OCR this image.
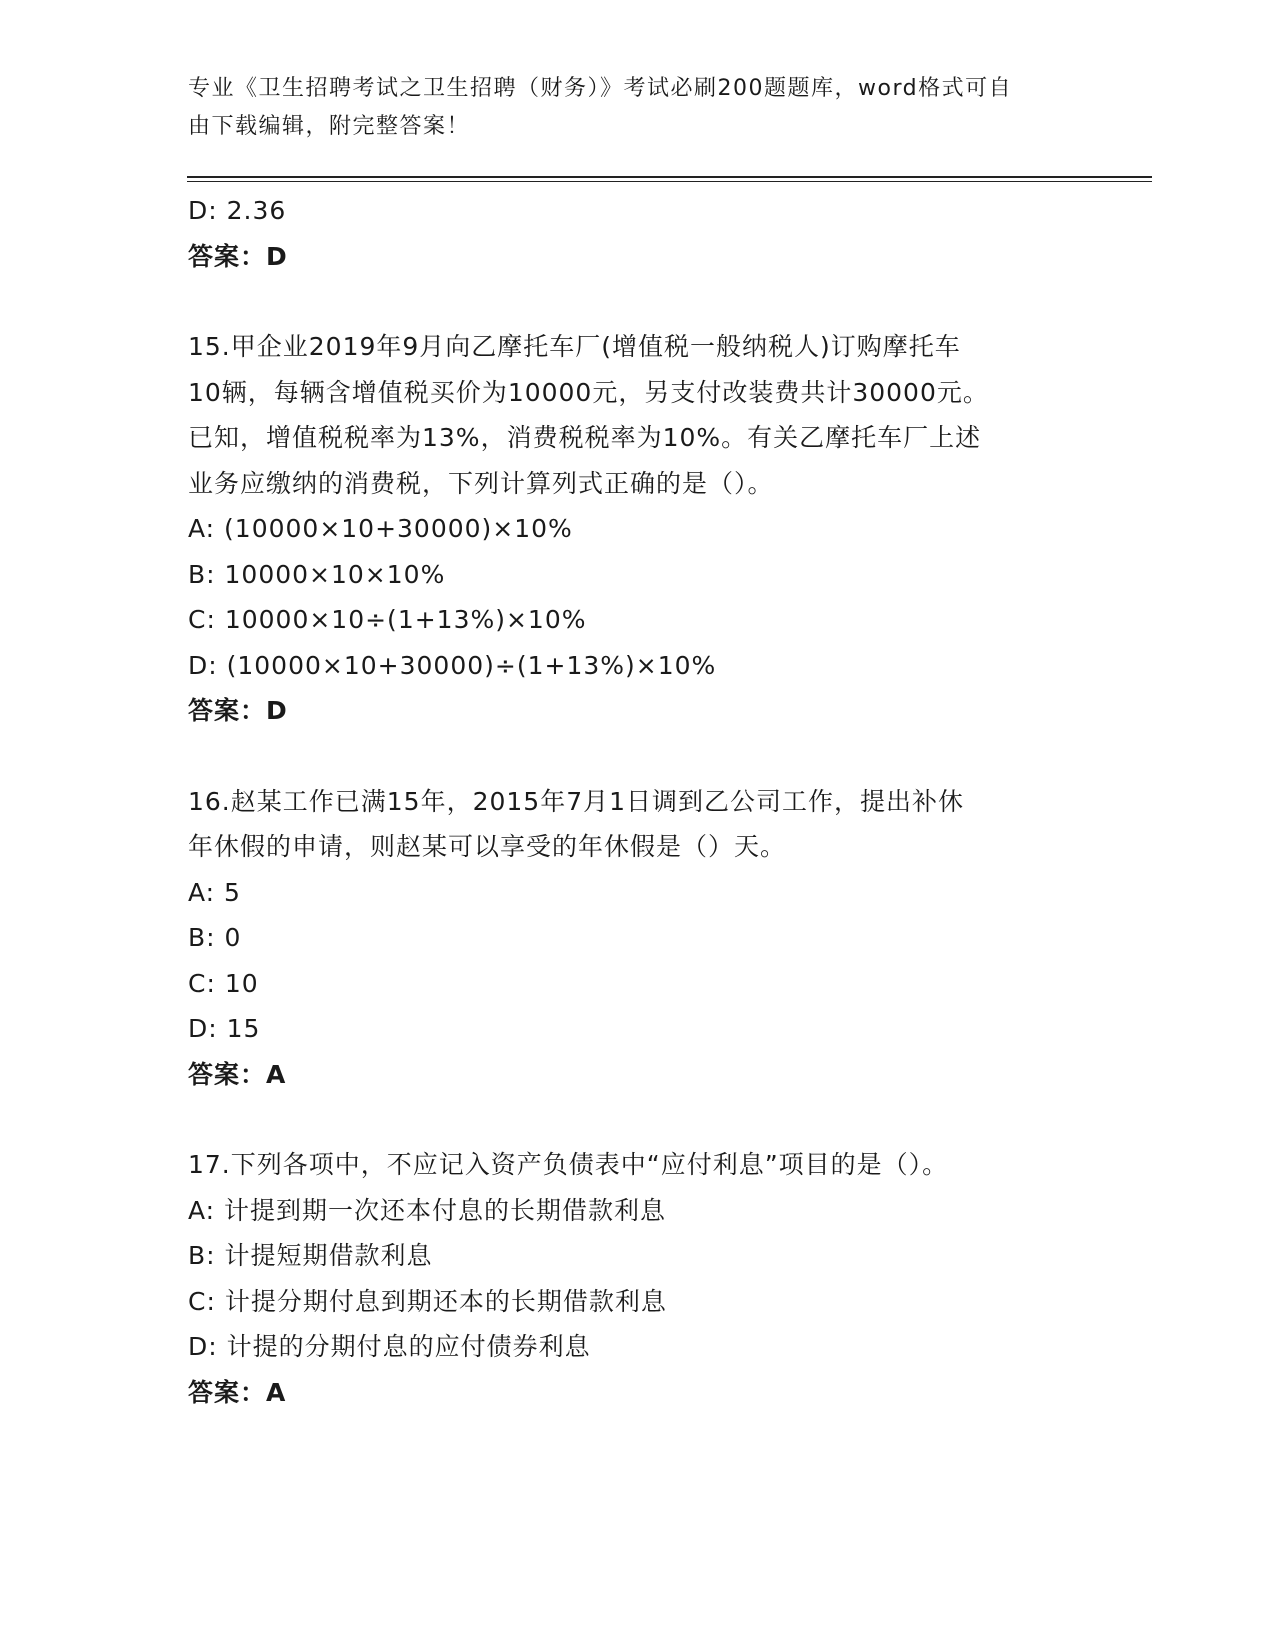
专业《卫生招聘考试之卫生招聘（财务）》考试必刷200题题库，word格式可自
由下载编辑，附完整答案！
D: 2.36
答案：D
15.甲企业2019年9月向乙摩托车厂(增值税一般纳税人)订购摩托车
10辆，每辆含增值税买价为10000元，另支付改装费共计30000元。
已知，增值税税率为13%，消费税税率为10%。有关乙摩托车厂上述
业务应缴纳的消费税，下列计算列式正确的是（）。
A: (10000×10+30000)×10%
B: 10000×10×10%
C: 10000×10÷(1+13%)×10%
D: (10000×10+30000)÷(1+13%)×10%
答案：D
16.赵某工作已满15年，2015年7月1日调到乙公司工作，提出补休
年休假的申请，则赵某可以享受的年休假是（）天。
A: 5
B: 0
C: 10
D: 15
答案：A
17.下列各项中，不应记入资产负债表中“应付利息”项目的是（）。
A: 计提到期一次还本付息的长期借款利息
B: 计提短期借款利息
C: 计提分期付息到期还本的长期借款利息
D: 计提的分期付息的应付债券利息
答案：A
